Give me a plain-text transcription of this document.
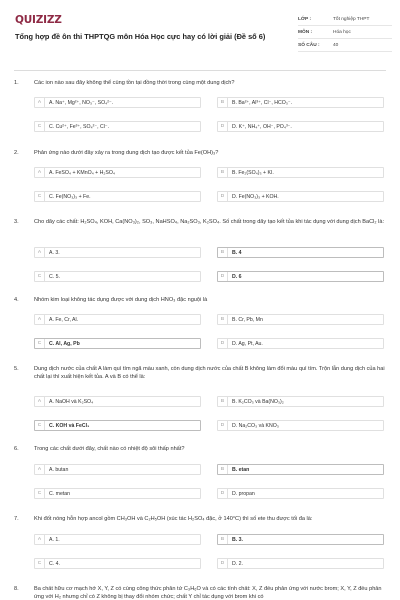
QUIZIZZ
Tổng hợp đề ôn thi THPTQG môn Hóa Học cực hay có lời giải (Đề số 6)
LỚP :	Tốt nghiệp THPT
MÔN :	Hóa học
SỐ CÂU :	40
1.	Các ion nào sau đây không thể cùng tồn tại đồng thời trong cùng một dung dịch?
A	A. Na⁺, Mg²⁺, NO₃⁻, SO₄²⁻.	B	B. Ba²⁺, Al³⁺, Cl⁻, HCO₃⁻.
C	C. Cu²⁺, Fe³⁺, SO₄²⁻, Cl⁻.	D	D. K⁺, NH₄⁺, OH⁻, PO₄³⁻.
2.	Phản ứng nào dưới đây xảy ra trong dung dịch tạo được kết tủa Fe(OH)₃?
A	A. FeSO₄ + KMnO₄ + H₂SO₄	B	B. Fe₂(SO₄)₃ + KI.
C	C. Fe(NO₃)₃ + Fe.	D	D. Fe(NO₃)₃ + KOH.
3.	Cho dãy các chất: H₂SO₄, KOH, Ca(NO₃)₂, SO₃, NaHSO₄, Na₂SO₃, K₂SO₄. Số chất trong dãy tạo kết tủa khi tác dụng với dung dịch BaCl₂ là:
A	A. 3.	B	B. 4
C	C. 5.	D	D. 6
4.	Nhóm kim loại không tác dụng được với dung dịch HNO₃ đặc nguội là
A	A. Fe, Cr, Al.	B	B. Cr, Pb, Mn
C	C. Al, Ag, Pb	D	D. Ag, Pt, Au.
5.	Dung dịch nước của chất A làm quì tím ngã màu xanh, còn dung dịch nước của chất B không làm đổi màu quì tím. Trộn lẫn dung dịch của hai chất lại thì xuất hiện kết tủa. A và B có thể là:
A	A. NaOH và K₂SO₄	B	B. K₂CO₃ và Ba(NO₃)₂
C	C. KOH và FeCl₃	D	D. Na₂CO₃ và KNO₃
6.	Trong các chất dưới đây, chất nào có nhiệt độ sôi thấp nhất?
A	A. butan	B	B. etan
C	C. metan	D	D. propan
7.	Khi đốt nóng hỗn hợp ancol gồm CH₃OH và C₂H₅OH (xúc tác H₂SO₄ đặc, ở 140°C) thì số ete thu được tối đa là:
A	A. 1.	B	B. 3.
C	C. 4.	D	D. 2.
8.	Ba chất hữu cơ mạch hở X, Y, Z có cùng công thức phân tử C₃H₆O và có các tính chất: X, Z đều phản ứng với nước brom; X, Y, Z đều phản ứng với H₂ nhưng chỉ có Z không bị thay đổi nhóm chức; chất Y chỉ tác dụng với brom khi có
